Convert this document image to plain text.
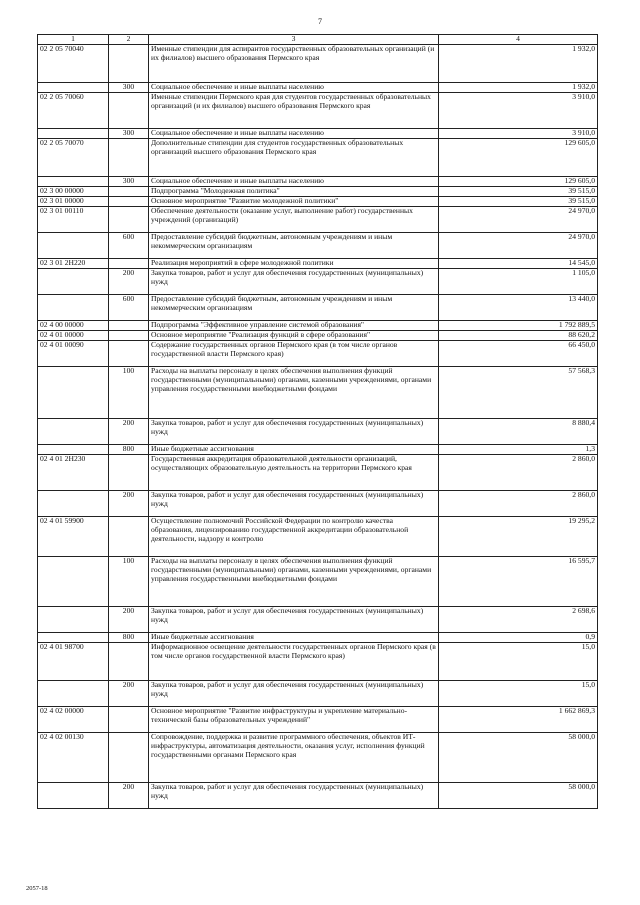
7
1	2	3	4
02 2 05 70040		Именные стипендии для аспирантов государственных образовательных организаций (и их филиалов) высшего образования Пермского края	1 932,0
	300	Социальное обеспечение и иные выплаты населению	1 932,0
02 2 05 70060		Именные стипендии Пермского края для студентов государственных образовательных организаций (и их филиалов) высшего образования Пермского края	3 910,0
	300	Социальное обеспечение и иные выплаты населению	3 910,0
02 2 05 70070		Дополнительные стипендии для студентов государственных образовательных организаций высшего образования Пермского края	129 605,0
	300	Социальное обеспечение и иные выплаты населению	129 605,0
02 3 00 00000		Подпрограмма "Молодежная политика"	39 515,0
02 3 01 00000		Основное мероприятие "Развитие молодежной политики"	39 515,0
02 3 01 00110		Обеспечение деятельности (оказание услуг, выполнение работ) государственных учреждений (организаций)	24 970,0
	600	Предоставление субсидий бюджетным, автономным учреждениям и иным некоммерческим организациям	24 970,0
02 3 01 2Н220		Реализация мероприятий в сфере молодежной политики	14 545,0
	200	Закупка товаров, работ и услуг для обеспечения государственных (муниципальных) нужд	1 105,0
	600	Предоставление субсидий бюджетным, автономным учреждениям и иным некоммерческим организациям	13 440,0
02 4 00 00000		Подпрограмма "Эффективное управление системой образования"	1 792 889,5
02 4 01 00000		Основное мероприятие "Реализация функций в сфере образования"	88 620,2
02 4 01 00090		Содержание государственных органов Пермского края (в том числе органов государственной власти Пермского края)	66 450,0
	100	Расходы на выплаты персоналу в целях обеспечения выполнения функций государственными (муниципальными) органами, казенными учреждениями, органами управления государственными внебюджетными фондами	57 568,3
	200	Закупка товаров, работ и услуг для обеспечения государственных (муниципальных) нужд	8 880,4
	800	Иные бюджетные ассигнования	1,3
02 4 01 2Н230		Государственная аккредитация образовательной деятельности организаций, осуществляющих образовательную деятельность на территории Пермского края	2 860,0
	200	Закупка товаров, работ и услуг для обеспечения государственных (муниципальных) нужд	2 860,0
02 4 01 59900		Осуществление полномочий Российской Федерации по контролю качества образования, лицензированию государственной аккредитации образовательной деятельности, надзору и контролю	19 295,2
	100	Расходы на выплаты персоналу в целях обеспечения выполнения функций государственными (муниципальными) органами, казенными учреждениями, органами управления государственными внебюджетными фондами	16 595,7
	200	Закупка товаров, работ и услуг для обеспечения государственных (муниципальных) нужд	2 698,6
	800	Иные бюджетные ассигнования	0,9
02 4 01 98700		Информационное освещение деятельности государственных органов Пермского края (в том числе органов государственной власти Пермского края)	15,0
	200	Закупка товаров, работ и услуг для обеспечения государственных (муниципальных) нужд	15,0
02 4 02 00000		Основное мероприятие "Развитие инфраструктуры и укрепление материально-технической базы образовательных учреждений"	1 662 869,3
02 4 02 00130		Сопровождение, поддержка и развитие программного обеспечения, объектов ИТ-инфраструктуры, автоматизация деятельности, оказания услуг, исполнения функций государственными органами Пермского края	58 000,0
	200	Закупка товаров, работ и услуг для обеспечения государственных (муниципальных) нужд	58 000,0
2057-18
